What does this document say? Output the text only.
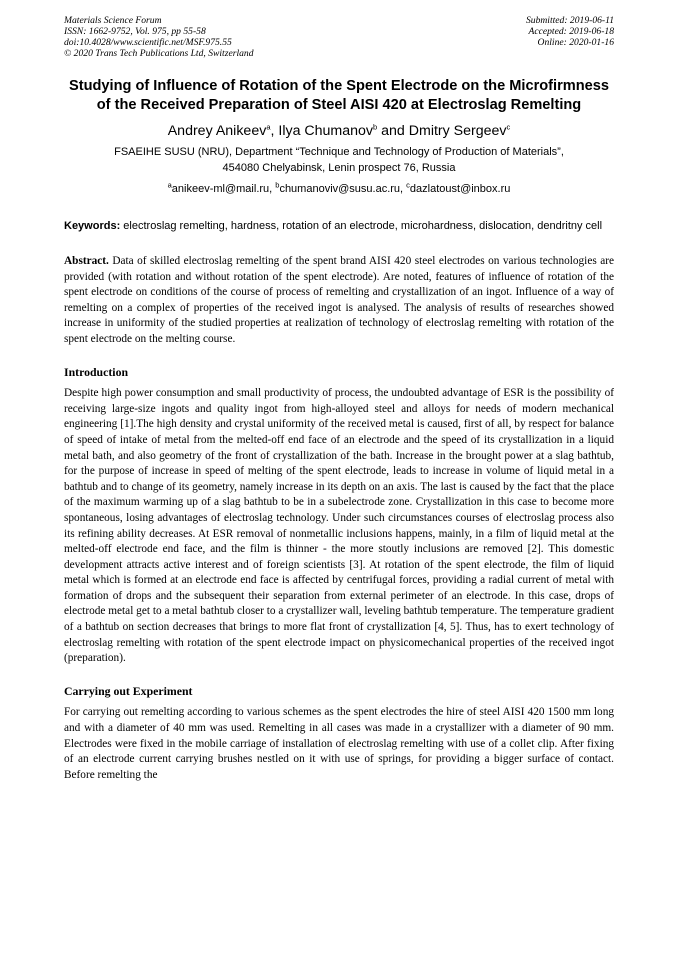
Materials Science Forum
ISSN: 1662-9752, Vol. 975, pp 55-58
doi:10.4028/www.scientific.net/MSF.975.55
© 2020 Trans Tech Publications Ltd, Switzerland
Submitted: 2019-06-11
Accepted: 2019-06-18
Online: 2020-01-16
Studying of Influence of Rotation of the Spent Electrode on the Microfirmness of the Received Preparation of Steel AISI 420 at Electroslag Remelting
Andrey Anikeev$^a$, Ilya Chumanov$^b$ and Dmitry Sergeev$^c$
FSAEIHE SUSU (NRU), Department “Technique and Technology of Production of Materials”,
454080 Chelyabinsk, Lenin prospect 76, Russia
$^a$anikeev-ml@mail.ru, $^b$chumanoviv@susu.ac.ru, $^c$dazlatoust@inbox.ru
Keywords: electroslag remelting, hardness, rotation of an electrode, microhardness, dislocation, dendritny cell
Abstract. Data of skilled electroslag remelting of the spent brand AISI 420 steel electrodes on various technologies are provided (with rotation and without rotation of the spent electrode). Are noted, features of influence of rotation of the spent electrode on conditions of the course of process of remelting and crystallization of an ingot. Influence of a way of remelting on a complex of properties of the received ingot is analysed. The analysis of results of researches showed increase in uniformity of the studied properties at realization of technology of electroslag remelting with rotation of the spent electrode on the melting course.
Introduction
Despite high power consumption and small productivity of process, the undoubted advantage of ESR is the possibility of receiving large-size ingots and quality ingot from high-alloyed steel and alloys for needs of modern mechanical engineering [1].The high density and crystal uniformity of the received metal is caused, first of all, by respect for balance of speed of intake of metal from the melted-off end face of an electrode and the speed of its crystallization in a liquid metal bath, and also geometry of the front of crystallization of the bath. Increase in the brought power at a slag bathtub, for the purpose of increase in speed of melting of the spent electrode, leads to increase in volume of liquid metal in a bathtub and to change of its geometry, namely increase in its depth on an axis. The last is caused by the fact that the place of the maximum warming up of a slag bathtub to be in a subelectrode zone. Crystallization in this case to become more spontaneous, losing advantages of electroslag technology. Under such circumstances courses of electroslag process also its refining ability decreases. At ESR removal of nonmetallic inclusions happens, mainly, in a film of liquid metal at the melted-off electrode end face, and the film is thinner - the more stoutly inclusions are removed [2]. This domestic development attracts active interest and of foreign scientists [3]. At rotation of the spent electrode, the film of liquid metal which is formed at an electrode end face is affected by centrifugal forces, providing a radial current of metal with formation of drops and the subsequent their separation from external perimeter of an electrode. In this case, drops of electrode metal get to a metal bathtub closer to a crystallizer wall, leveling bathtub temperature. The temperature gradient of a bathtub on section decreases that brings to more flat front of crystallization [4, 5]. Thus, has to exert technology of electroslag remelting with rotation of the spent electrode impact on physicomechanical properties of the received ingot (preparation).
Carrying out Experiment
For carrying out remelting according to various schemes as the spent electrodes the hire of steel AISI 420 1500 mm long and with a diameter of 40 mm was used. Remelting in all cases was made in a crystallizer with a diameter of 90 mm. Electrodes were fixed in the mobile carriage of installation of electroslag remelting with use of a collet clip. After fixing of an electrode current carrying brushes nestled on it with use of springs, for providing a bigger surface of contact. Before remelting the
